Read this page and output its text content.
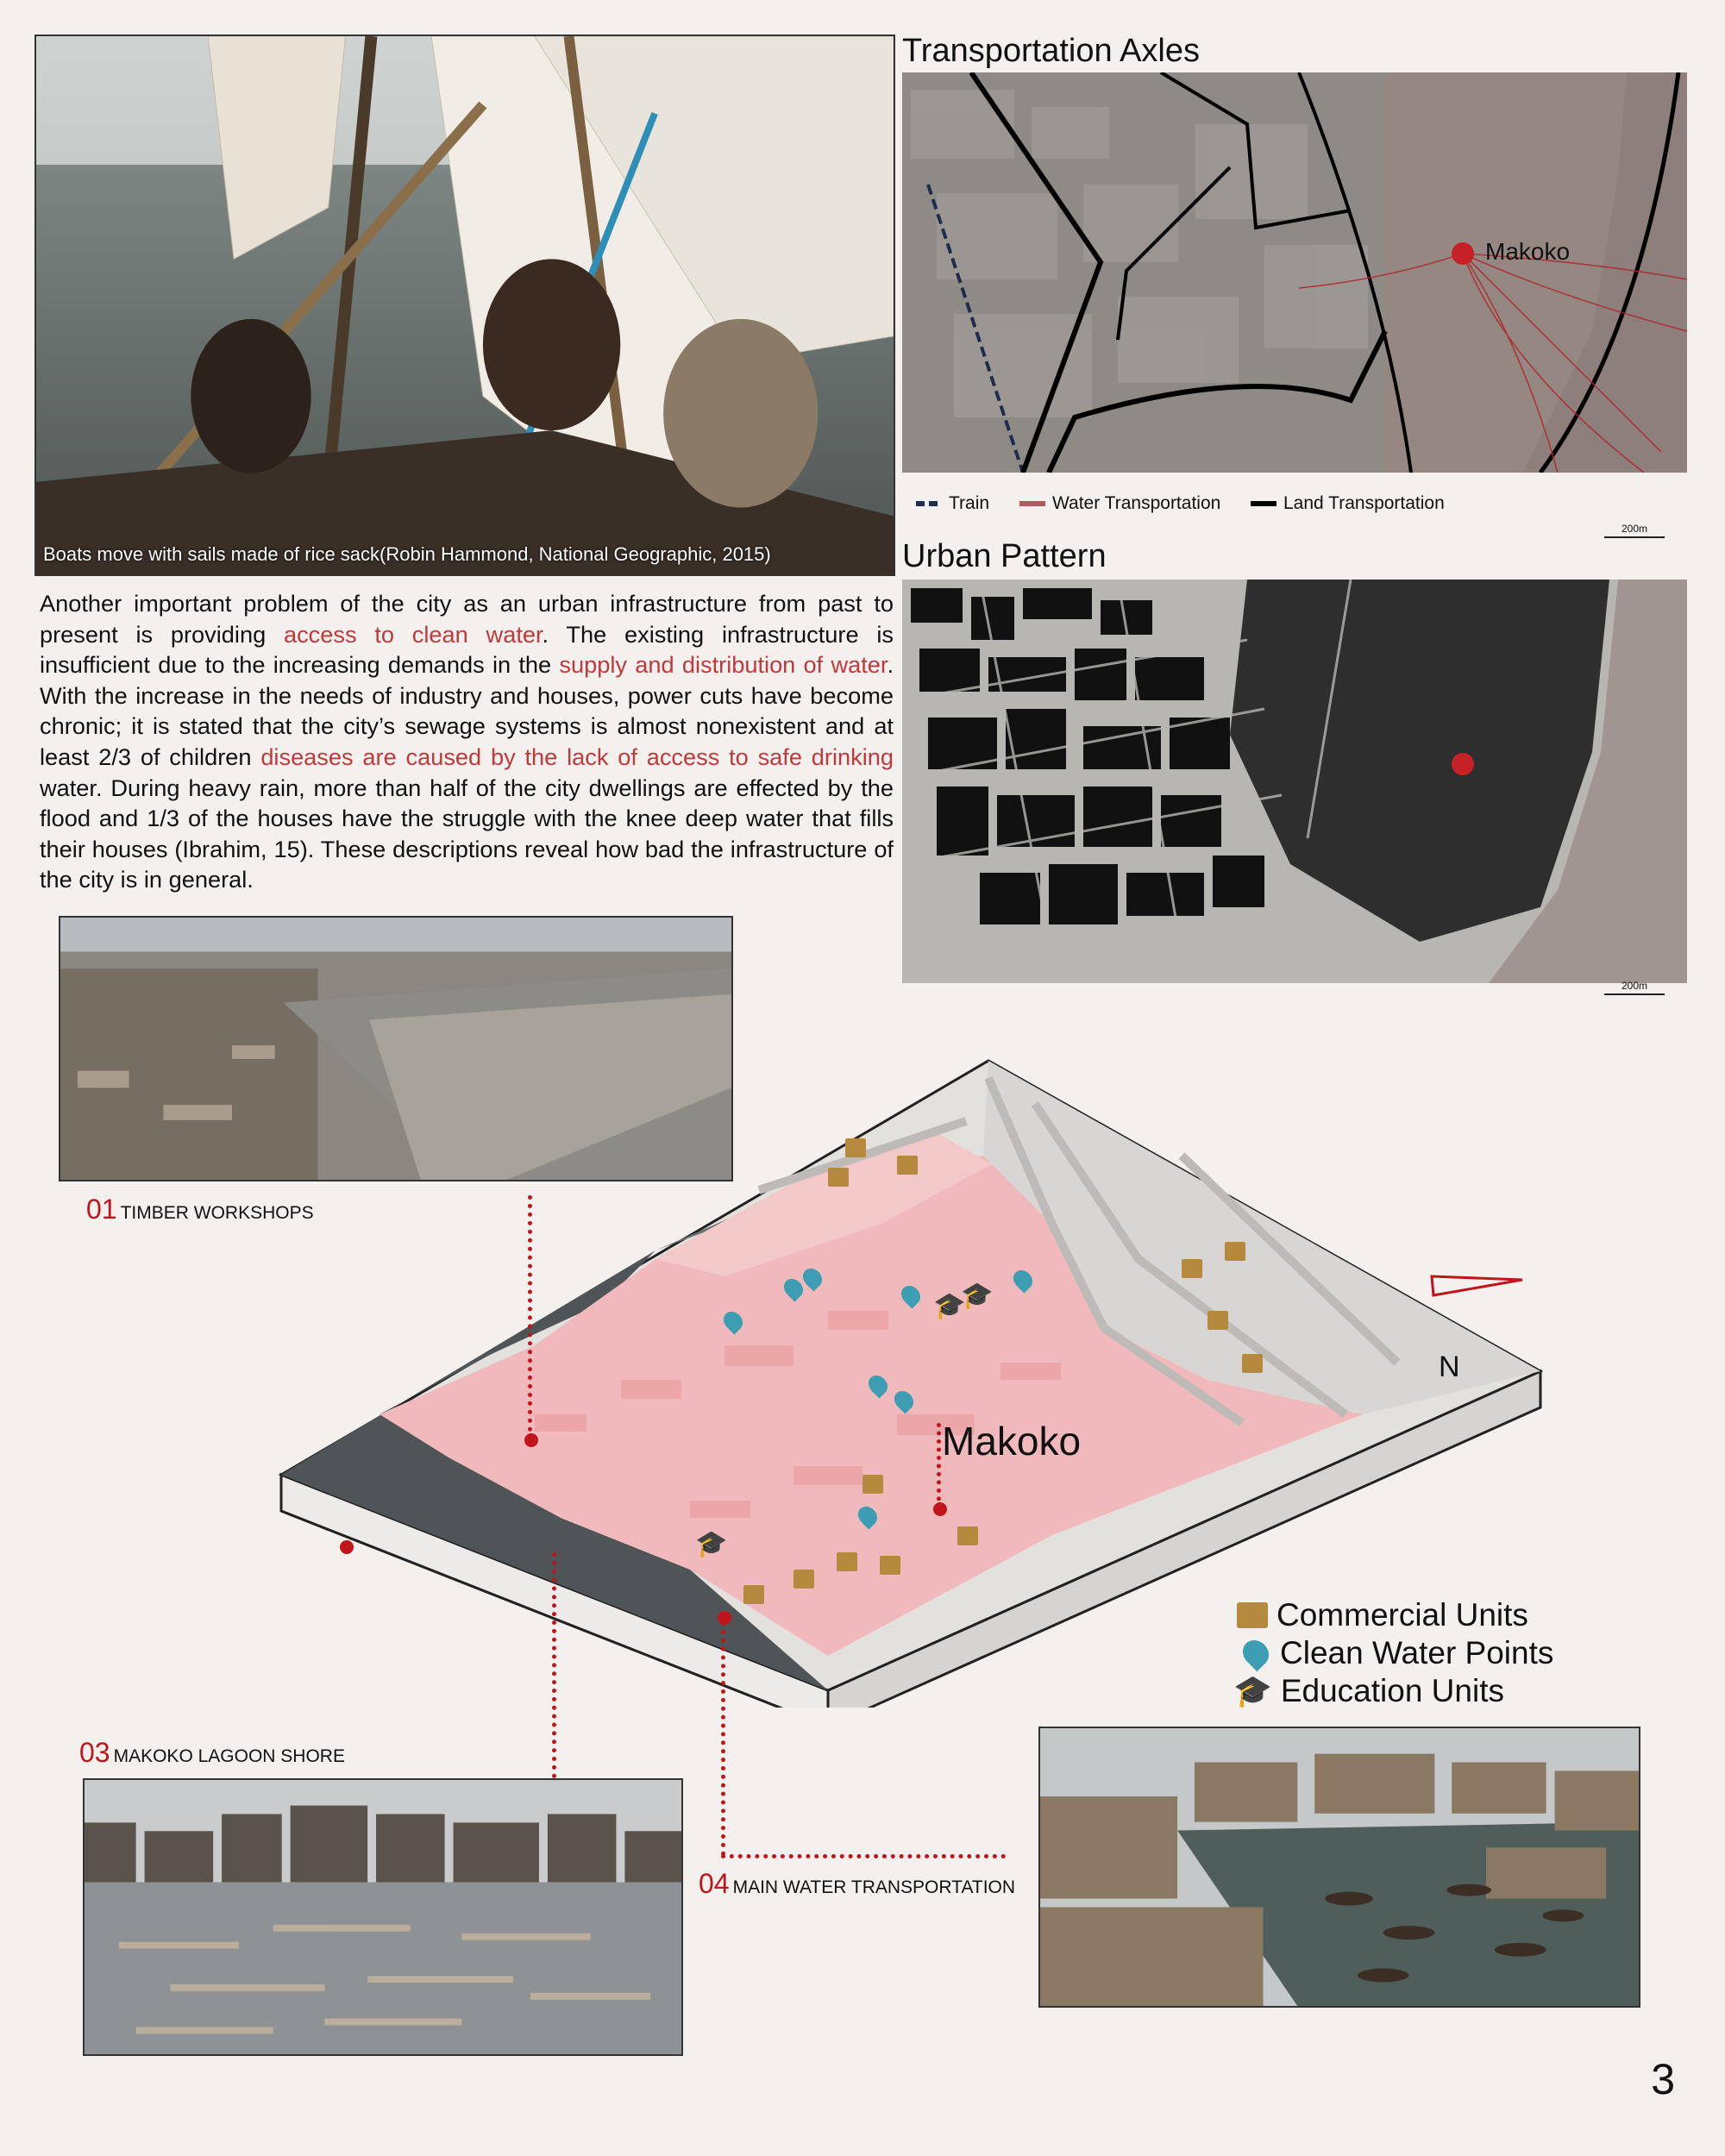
Boats move with sails made of rice sack(Robin Hammond, National Geographic, 2015)
Transportation Axles
Makoko
Train	Water Transportation	Land Transportation
200m
Urban Pattern
200m
Another important problem of the city as an urban infrastructure from past to present is providing access to clean water. The existing infrastructure is insufficient due to the increasing demands in the supply and distribution of water. With the increase in the needs of industry and houses, power cuts have become chronic; it is stated that the city’s sewage systems is almost nonexistent and at least 2/3 of children diseases are caused by the lack of access to safe drinking water. During heavy rain, more than half of the city dwellings are effected by the flood and 1/3 of the houses have the struggle with the knee deep water that fills their houses (Ibrahim, 15). These descriptions reveal how bad the infrastructure of the city is in general.
01 TIMBER WORKSHOPS
🎓
🎓
🎓
Makoko
N
Commercial Units
Clean Water Points
🎓 Education Units
03 MAKOKO LAGOON SHORE
04 MAIN WATER TRANSPORTATION
3
